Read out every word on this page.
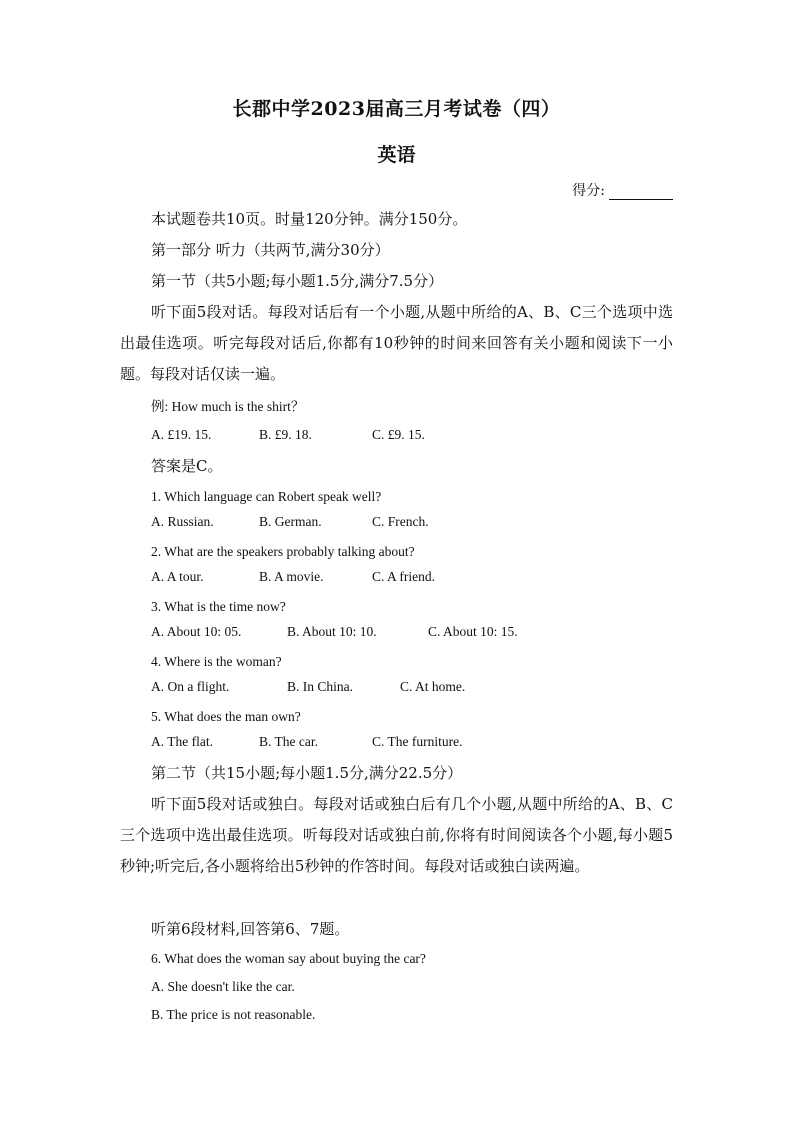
长郡中学2023届高三月考试卷（四）
英语
得分:
本试题卷共10页。时量120分钟。满分150分。
第一部分 听力（共两节,满分30分）
第一节（共5小题;每小题1.5分,满分7.5分）
听下面5段对话。每段对话后有一个小题,从题中所给的A、B、C三个选项中选出最佳选项。听完每段对话后,你都有10秒钟的时间来回答有关小题和阅读下一小题。每段对话仅读一遍。
例: How much is the shirt？
A. £19. 15.	B. £9. 18.	C. £9. 15.
答案是C。
1. Which language can Robert speak well?
A. Russian.	B. German.	C. French.
2. What are the speakers probably talking about?
A. A tour.	B. A movie.	C. A friend.
3. What is the time now?
A. About 10: 05.	B. About 10: 10.	C. About 10: 15.
4. Where is the woman?
A. On a flight.	B. In China.	C. At home.
5. What does the man own?
A. The flat.	B. The car.	C. The furniture.
第二节（共15小题;每小题1.5分,满分22.5分）
听下面5段对话或独白。每段对话或独白后有几个小题,从题中所给的A、B、C三个选项中选出最佳选项。听每段对话或独白前,你将有时间阅读各个小题,每小题5秒钟;听完后,各小题将给出5秒钟的作答时间。每段对话或独白读两遍。
听第6段材料,回答第6、7题。
6. What does the woman say about buying the car?
A. She doesn't like the car.
B. The price is not reasonable.
